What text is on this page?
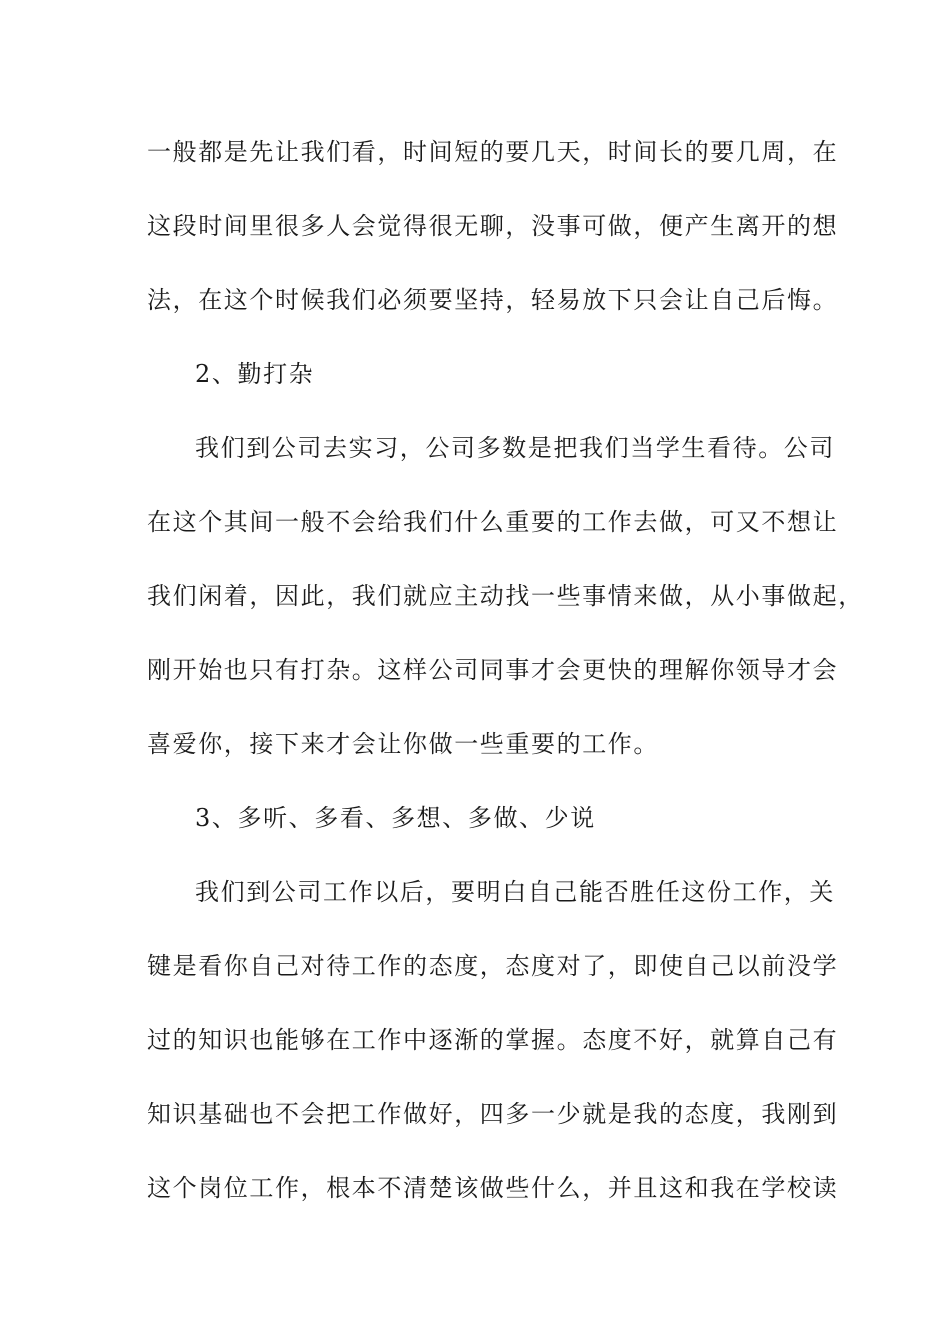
一般都是先让我们看，时间短的要几天，时间长的要几周，在
这段时间里很多人会觉得很无聊，没事可做，便产生离开的想
法，在这个时候我们必须要坚持，轻易放下只会让自己后悔。
2、勤打杂
我们到公司去实习，公司多数是把我们当学生看待。公司
在这个其间一般不会给我们什么重要的工作去做，可又不想让
我们闲着，因此，我们就应主动找一些事情来做，从小事做起，
刚开始也只有打杂。这样公司同事才会更快的理解你领导才会
喜爱你，接下来才会让你做一些重要的工作。
3、多听、多看、多想、多做、少说
我们到公司工作以后，要明白自己能否胜任这份工作，关
键是看你自己对待工作的态度，态度对了，即使自己以前没学
过的知识也能够在工作中逐渐的掌握。态度不好，就算自己有
知识基础也不会把工作做好，四多一少就是我的态度，我刚到
这个岗位工作，根本不清楚该做些什么，并且这和我在学校读
